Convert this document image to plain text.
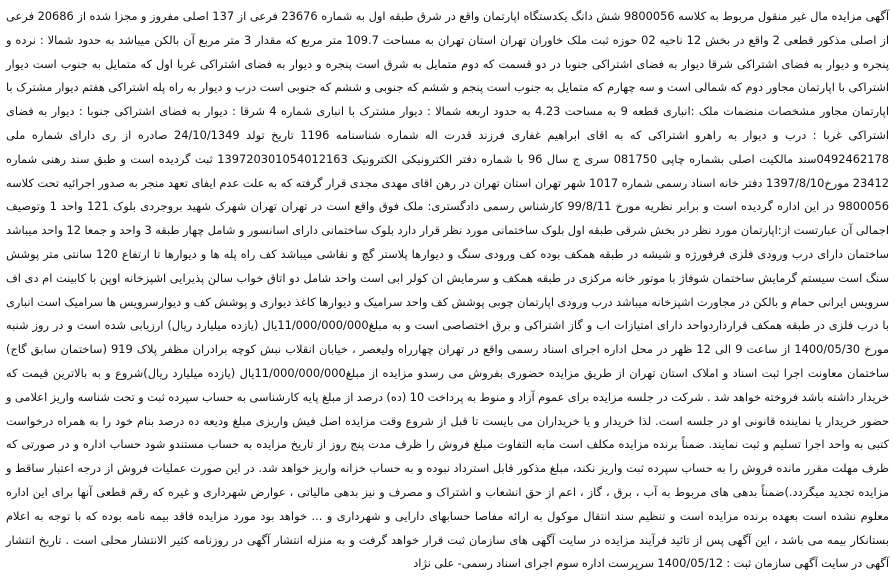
آگهی مزایده مال غیر منقول مربوط به کلاسه 9800056 شش دانگ یکدستگاه اپارتمان واقع در شرق طبقه اول به شماره 23676 فرعی از 137 اصلی مفروز و مجزا شده از 20686 فرعی از اصلی مذکور قطعی 2 واقع در بخش 12 ناحیه 02 حوزه ثبت ملک خاوران تهران استان تهران به مساحت 109.7 متر مربع که مقدار 3 متر مربع آن بالکن میباشد به حدود شمالا : نرده و پنجره و دیوار به فضای اشتراکی شرقا دیوار به فضای اشتراکی جنوبا در دو قسمت که دوم متمایل به شرق است پنجره و دیوار به فضای اشتراکی غربا اول که متمایل به جنوب است دیوار اشتراکی با اپارتمان مجاور دوم که شمالی است و سه چهارم که متمایل به جنوب است پنجم و ششم که جنوبی و ششم که جنوبی است درب و دیوار به راه پله اشتراکی هفتم دیوار مشترک با اپارتمان مجاور مشخصات منضمات ملک :انباری قطعه 9 به مساحت 4.23 به حدود اربعه شمالا : دیوار مشترک با انباری شماره 4 شرقا : دیوار به فضای اشتراکی جنوبا : دیوار به فضای اشتراکی غربا : درب و دیوار به راهرو اشتراکی که به اقای ابراهیم غفاری فرزند قدرت اله شماره شناسنامه 1196 تاریخ تولد 24/10/1349 صادره از ری دارای شماره ملی 0492462178سند مالکیت اصلی بشماره چاپی 081750 سری ج سال 96 با شماره دفتر الکترونیکی الکترونیک 139720301054012163 ثبت گردیده است و طبق سند رهنی شماره 23412 مورخ1397/8/10 دفتر خانه اسناد رسمی شماره 1017 شهر تهران استان تهران در رهن اقای مهدی مجدی قرار گرفته که به علت عدم ایفای تعهد منجر به صدور اجرائیه تحت کلاسه 9800056 در این اداره گردیده است و برابر نظریه مورخ 99/8/11 کارشناس رسمی دادگستری: ملک فوق واقع است در تهران تهران شهرک شهید بروجردی بلوک 121 واحد 1 وتوصیف اجمالی آن عبارتست از:اپارتمان مورد نظر در بخش شرقی طبقه اول بلوک ساختمانی مورد نظر قرار دارد بلوک ساختمانی دارای اسانسور و شامل چهار طبقه 3 واحد و جمعا 12 واحد میباشد ساختمان دارای درب ورودی فلزی فرفورژه و شیشه در طبقه همکف بوده کف ورودی سنگ و دیوارها پلاستر گچ و نقاشی میباشد کف راه پله ها و دیوارها تا ارتفاع 120 سانتی متر پوشش سنگ است سیستم گرمایش ساختمان شوفاژ با موتور خانه مرکزی در طبقه همکف و سرمایش ان کولر ابی است واحد شامل دو اتاق خواب سالن پذیرایی اشپزخانه اوپن با کابینت ام دی اف سرویس ایرانی حمام و بالکن در مجاورت اشپزخانه میباشد درب ورودی اپارتمان چوبی پوشش کف واحد سرامیک و دیوارها کاغذ دیواری و پوشش کف و دیوارسرویس ها سرامیک است انباری با درب فلزی در طبقه همکف قرارداردواحد دارای امتیازات اب و گاز اشتراکی و برق اختصاصی است و به مبلغ11/000/000/000یال (یازده میلیارد ریال) ارزیابی شده است و در روز شنبه مورخ 1400/05/30 از ساعت 9 الی 12 ظهر در محل اداره اجرای اسناد رسمی واقع در تهران چهارراه ولیعصر ، خیابان انقلاب نبش کوچه برادران مظفر پلاک 919 (ساختمان سابق گاج) ساختمان معاونت اجرا ثبت اسناد و املاک استان تهران از طریق مزایده حضوری بفروش می رسدو مزایده از مبلغ11/000/000/000یال (یازده میلیارد ریال)شروع و به بالاترین قیمت که خریدار داشته باشد فروخته خواهد شد . شرکت در جلسه مزایده برای عموم آزاد و منوط به پرداخت 10 (ده) درصد از مبلغ پایه کارشناسی به حساب سپرده ثبت و تحت شناسه واریز اعلامی و حضور خریدار یا نماینده قانونی او در جلسه است. لذا خریدار و یا خریداران می بایست تا قبل از شروع وقت مزایده اصل فیش واریزی مبلغ ودیعه ده درصد بنام خود را به همراه درخواست کتبی به واحد اجرا تسلیم و ثبت نمایند. ضمناً برنده مزایده مکلف است مابه التفاوت مبلغ فروش را ظرف مدت پنج روز از تاریخ مزایده به حساب مستندو شود حساب اداره و در صورتی که ظرف مهلت مقرر مانده فروش را به حساب سپرده ثبت واریز نکند، مبلغ مذکور قابل استرداد نبوده و به حساب خزانه واریز خواهد شد. در این صورت عملیات فروش از درجه اعتبار ساقط و مزایده تجدید میگردد.)ضمناً بدهی های مربوط به آب ، برق ، گاز ، اعم از حق انشعاب و اشتراک و مصرف و نیز بدهی مالیاتی ، عوارض شهرداری و غیره که رقم قطعی آنها برای این اداره معلوم نشده است بعهده برنده مزایده است و تنظیم سند انتقال موکول به ارائه مفاصا حسابهای دارایی و شهرداری و ... خواهد بود مورد مزایده فاقد بیمه نامه بوده که با توجه به اعلام بستانکار بیمه می باشد ، این آگهی پس از تائید فرآیند مزایده در سایت آگهی های سازمان ثبت قرار خواهد گرفت و به منزله انتشار آگهی در روزنامه کثیر الانتشار محلی است . تاریخ انتشار آگهی در سایت آگهی سازمان ثبت : 1400/05/12 سرپرست اداره سوم اجرای اسناد رسمی- علی نژاد
